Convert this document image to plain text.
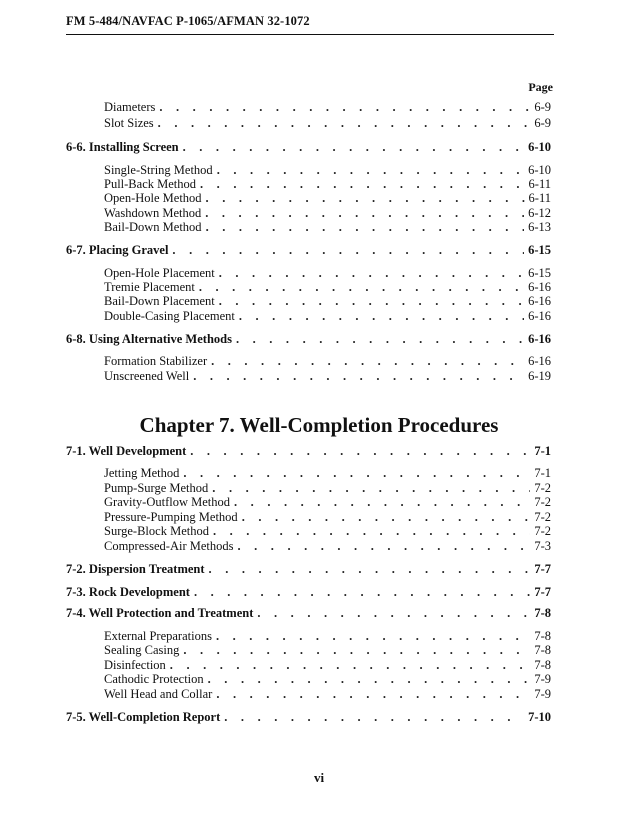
FM 5-484/NAVFAC P-1065/AFMAN 32-1072
Page
Diameters . . .	6-9
Slot Sizes . . .	6-9
6-6. Installing Screen . . .	6-10
Single-String Method . . .	6-10
Pull-Back Method . . .	6-11
Open-Hole Method . . .	6-11
Washdown Method . . .	6-12
Bail-Down Method . . .	6-13
6-7. Placing Gravel . . .	6-15
Open-Hole Placement . . .	6-15
Tremie Placement . . .	6-16
Bail-Down Placement . . .	6-16
Double-Casing Placement . . .	6-16
6-8. Using Alternative Methods . . .	6-16
Formation Stabilizer . . .	6-16
Unscreened Well . . .	6-19
7-1. Well Development . . .	7-1
Jetting Method . . .	7-1
Pump-Surge Method . . .	7-2
Gravity-Outflow Method . . .	7-2
Pressure-Pumping Method . . .	7-2
Surge-Block Method . . .	7-2
Compressed-Air Methods . . .	7-3
7-2. Dispersion Treatment . . .	7-7
7-3. Rock Development . . .	7-7
7-4. Well Protection and Treatment . . .	7-8
External Preparations . . .	7-8
Sealing Casing . . .	7-8
Disinfection . . .	7-8
Cathodic Protection . . .	7-9
Well Head and Collar . . .	7-9
7-5. Well-Completion Report . . .	7-10
Chapter 7. Well-Completion Procedures
vi
